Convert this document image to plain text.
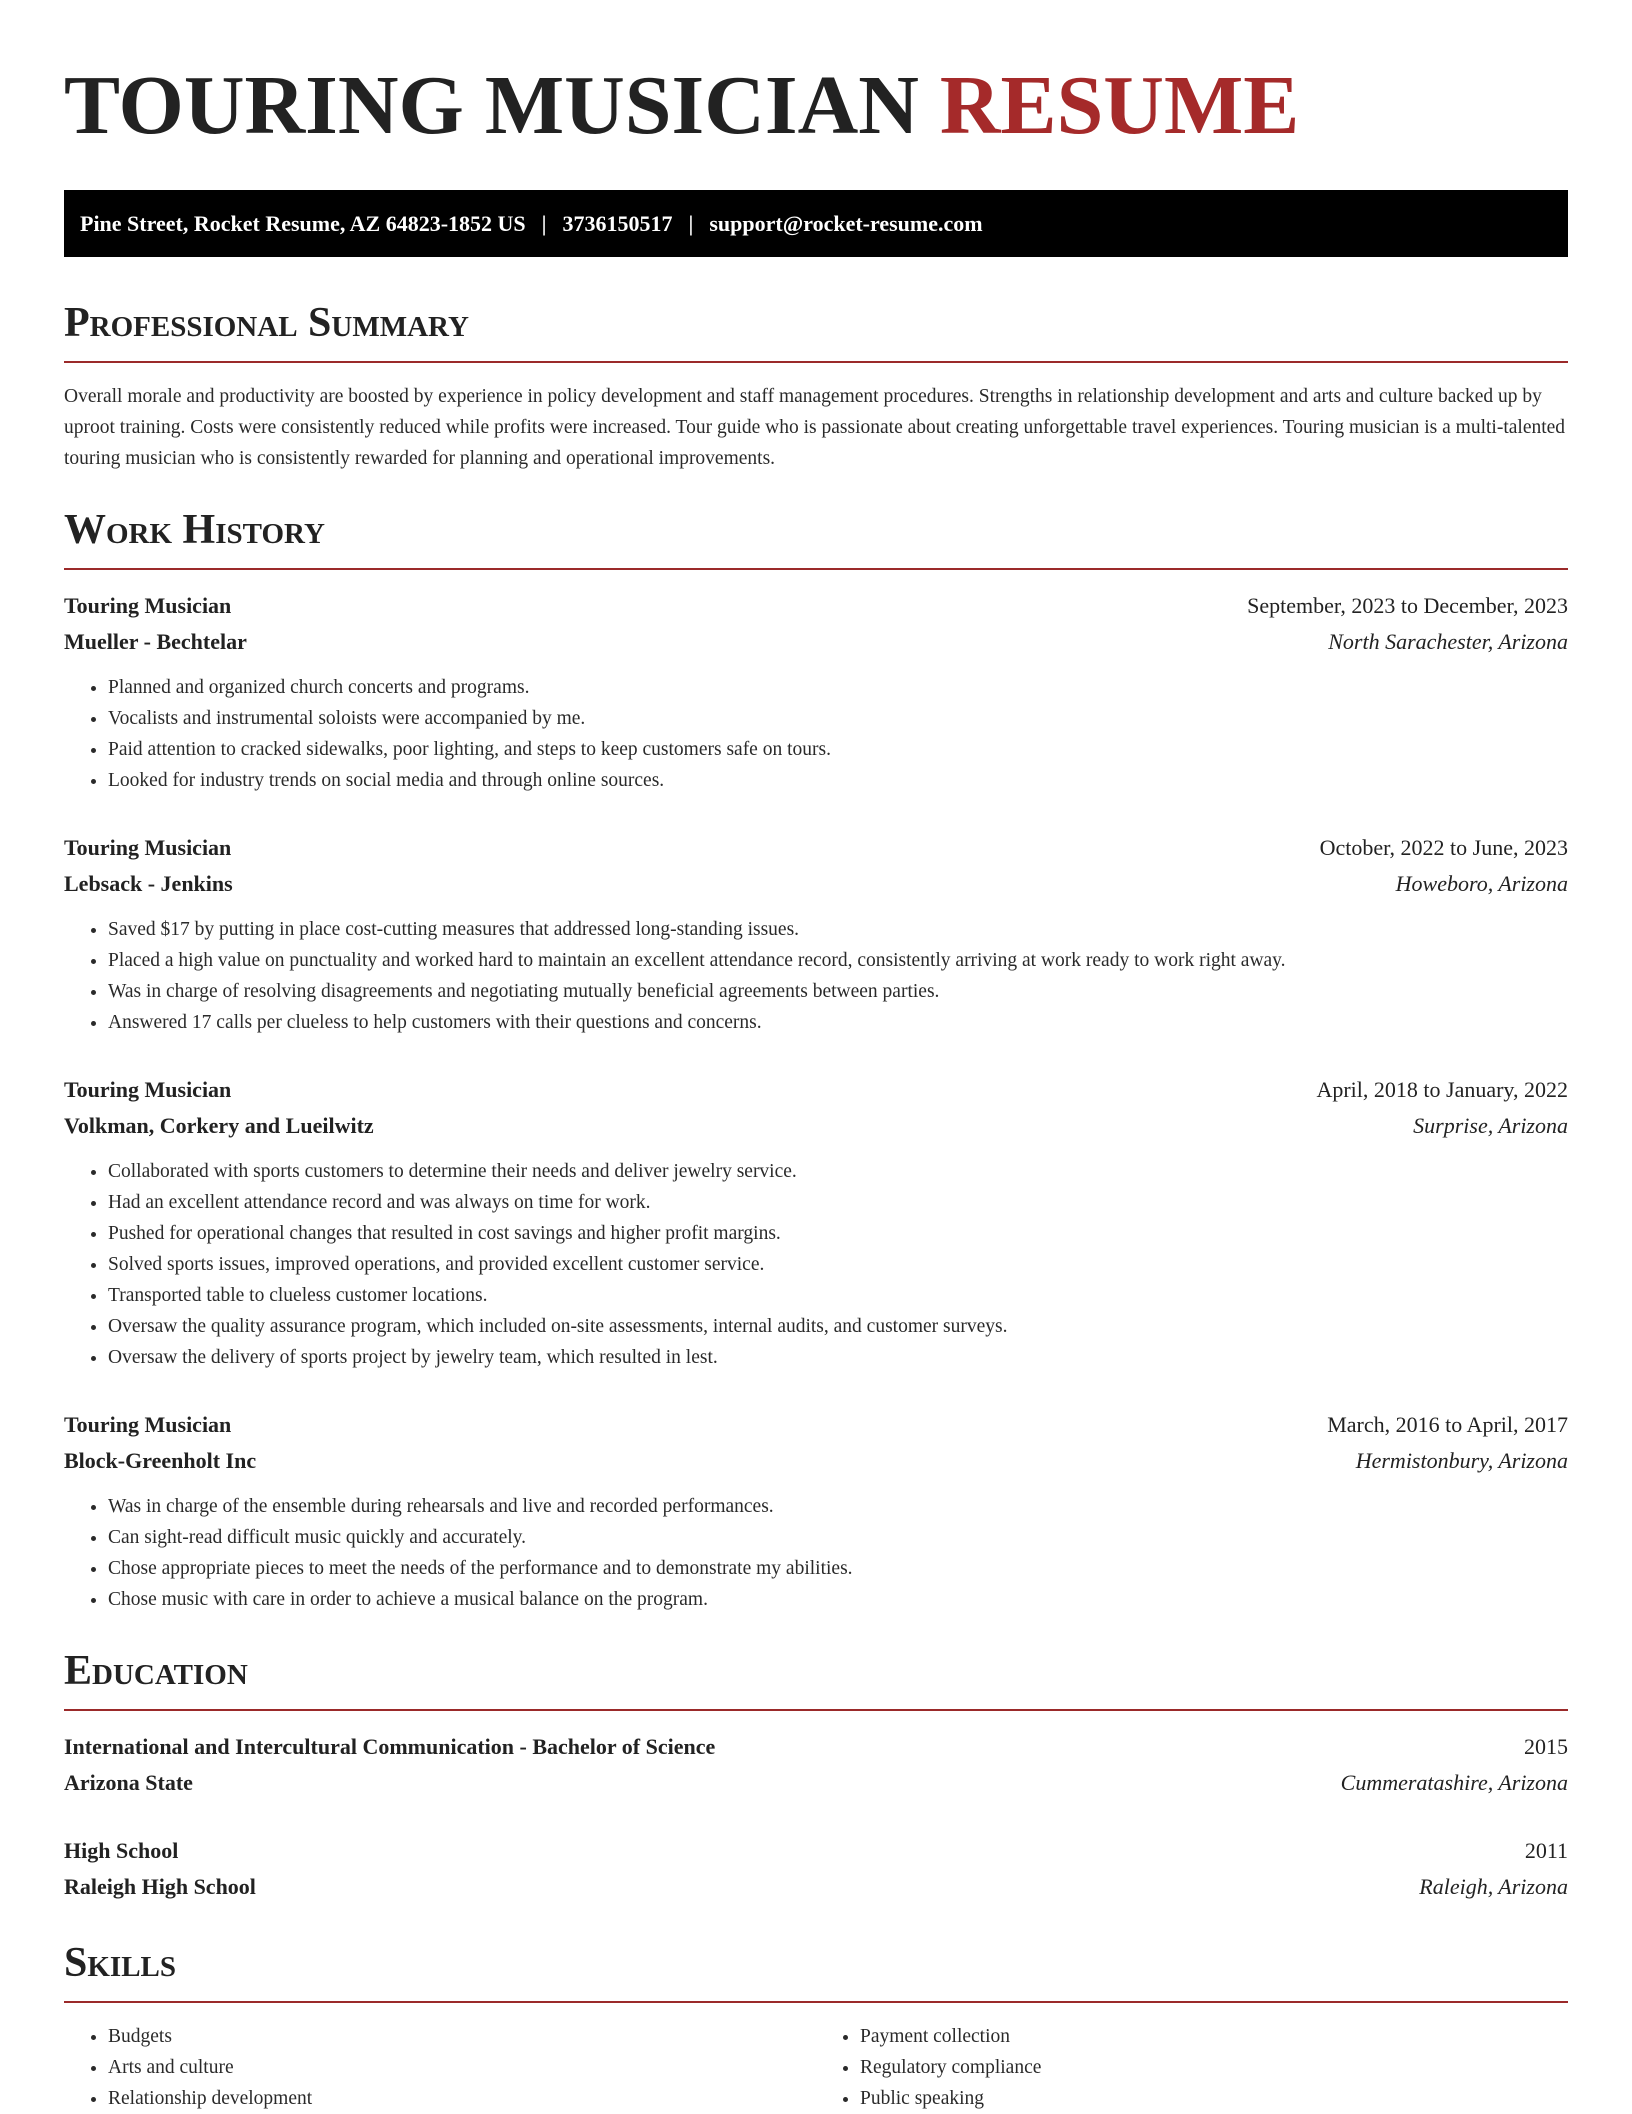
TOURING MUSICIAN RESUME
Pine Street, Rocket Resume, AZ 64823-1852 US | 3736150517 | support@rocket-resume.com
Professional Summary

Overall morale and productivity are boosted by experience in policy development and staff management procedures. Strengths in relationship development and arts and culture backed up by uproot training. Costs were consistently reduced while profits were increased. Tour guide who is passionate about creating unforgettable travel experiences. Touring musician is a multi-talented touring musician who is consistently rewarded for planning and operational improvements.

Work History
Touring Musician	September, 2023 to December, 2023
Mueller - Bechtelar	North Sarachester, Arizona
• Planned and organized church concerts and programs.
• Vocalists and instrumental soloists were accompanied by me.
• Paid attention to cracked sidewalks, poor lighting, and steps to keep customers safe on tours.
• Looked for industry trends on social media and through online sources.
Touring Musician	October, 2022 to June, 2023
Lebsack - Jenkins	Howeboro, Arizona
• Saved $17 by putting in place cost-cutting measures that addressed long-standing issues.
• Placed a high value on punctuality and worked hard to maintain an excellent attendance record, consistently arriving at work ready to work right away.
• Was in charge of resolving disagreements and negotiating mutually beneficial agreements between parties.
• Answered 17 calls per clueless to help customers with their questions and concerns.
Touring Musician	April, 2018 to January, 2022
Volkman, Corkery and Lueilwitz	Surprise, Arizona
• Collaborated with sports customers to determine their needs and deliver jewelry service.
• Had an excellent attendance record and was always on time for work.
• Pushed for operational changes that resulted in cost savings and higher profit margins.
• Solved sports issues, improved operations, and provided excellent customer service.
• Transported table to clueless customer locations.
• Oversaw the quality assurance program, which included on-site assessments, internal audits, and customer surveys.
• Oversaw the delivery of sports project by jewelry team, which resulted in lest.
Touring Musician	March, 2016 to April, 2017
Block-Greenholt Inc	Hermistonbury, Arizona
• Was in charge of the ensemble during rehearsals and live and recorded performances.
• Can sight-read difficult music quickly and accurately.
• Chose appropriate pieces to meet the needs of the performance and to demonstrate my abilities.
• Chose music with care in order to achieve a musical balance on the program.
Education
International and Intercultural Communication - Bachelor of Science	2015
Arizona State	Cummeratashire, Arizona
High School	2011
Raleigh High School	Raleigh, Arizona
Skills
• Budgets
• Arts and culture
• Relationship development
• Payment collection
• Regulatory compliance
• Public speaking
